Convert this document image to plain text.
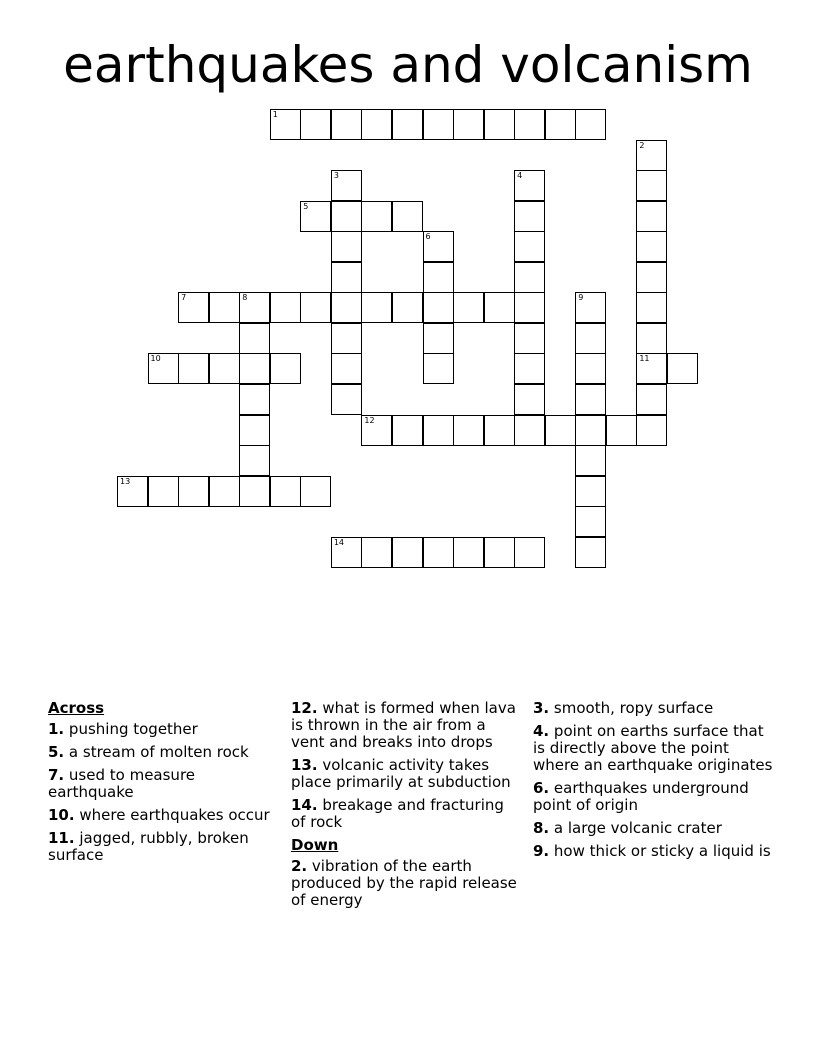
earthquakes and volcanism
1
2
3	4
5
6
7	8	9
10	11
12
13
14
Across
1. pushing together
5. a stream of molten rock
7. used to measure earthquake
10. where earthquakes occur
11. jagged, rubbly, broken surface
12. what is formed when lava is thrown in the air from a vent and breaks into drops
13. volcanic activity takes place primarily at subduction
14. breakage and fracturing of rock
Down
2. vibration of the earth produced by the rapid release of energy
3. smooth, ropy surface
4. point on earths surface that is directly above the point where an earthquake originates
6. earthquakes underground point of origin
8. a large volcanic crater
9. how thick or sticky a liquid is
